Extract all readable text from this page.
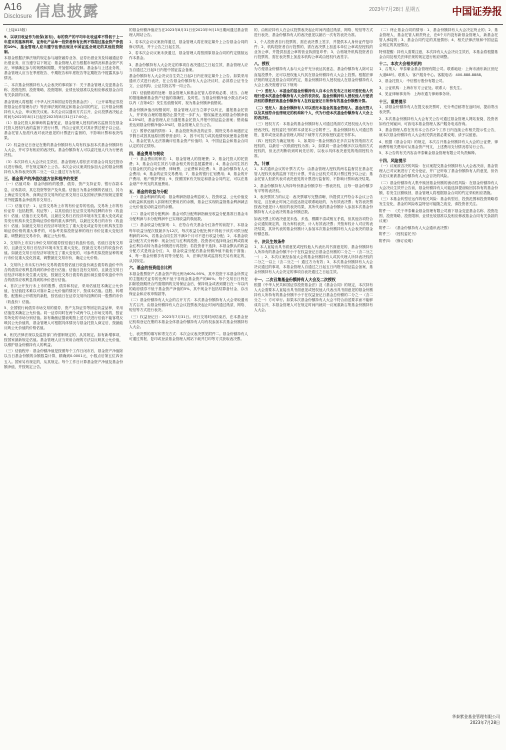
A16
Disclosure 信息披露	2023年7月28日 星期五	中国证券报

（上接A15版）

9、以项目收益作为担保(如有)，标的资产的平均年化收益率不得低于上一年度末的基准利率，证券化产品单一投资者持有比例不得超过基金资产净值的10%，基金管理人应当遵守法律法规及中国证监会规定的其他投资限制。

本基金根据法律法规的规定参与融资融券业务、证券出借业务及转融通证券出借业务，应当遵守以下规定：基金管理人应当根据市场情况和基金资产状况，审慎确定参与的规模和期限，并加强风险控制。基金参与上述业务的，基金管理人应当在季度报告、中期报告和年度报告等定期报告中披露其参与情况。

二、本次基金份额持有人大会表决的事项如下：关于基金管理人变更基金名称、投资范围、投资策略、投资限制、业绩比较基准以及相应修改基金合同有关条款的议案。

基金管理人将根据《中华人民共和国证券投资基金法》、《公开募集证券投资基金运作管理办法》等法律法规的规定和基金合同的约定，召开基金份额持有人大会，审议相关议案。本次会议以通讯方式召开，会议投票表决起止时间为2023年8月1日起至2023年8月31日17:00止。

（1）基金托管人和律师的监督见证，基金管理人授权的两名监督员在基金托管人授权代表的监督下进行计票，并由公证机关对其计票过程予以公证。基金托管人拒派代表对表决意见的计票进行监督的，不影响计票和表决结果。

（2）权益登记日登记在册的基金份额持有人均有权参加本次基金份额持有人大会，并可享有相应的表决权。基金份额持有人可以委托他人代为行使表决权。

（3）本次持有人大会决议生效后，基金管理人将依法对基金合同及托管协议进行修改，并在规定媒介上公告。本次会议议案须经参加大会的基金份额持有人所持表决权的二分之一以上通过方为有效。

三、基金资产的净值估值方法和程序的变更

（一）估值对象：基金所拥有的股票、债券、资产支持证券、银行存款本息、应收款项、其它投资等资产及负债。估值日为基金份额的估值日，其为上海证券交易所、深圳证券交易所的正常交易日以及国家法律法规规定需要对外披露基金净值的非交易日。

（二）估值方法：1、证券交易所上市的有价证券的估值。交易所上市的有价证券（包括股票、权证等），以其估值日在证券交易所挂牌的市价（收盘价）估值；估值日无交易的，且最近交易日后经济环境未发生重大变化或证券发行机构未发生影响证券价格的重大事件的，以最近交易日的市价（收盘价）估值；如最近交易日后经济环境发生了重大变化或证券发行机构发生影响证券价格的重大事件的，可参考类似投资品种的现行市价及重大变化因素，调整最近交易市价，确定公允价格。

2、交易所上市实行净价交易的债券按估值日收盘价估值，估值日没有交易的，且最近交易日后经济环境未发生重大变化，按最近交易日的收盘价估值。如最近交易日后经济环境发生了重大变化的，可参考类似投资品种的现行市价及重大变化因素，调整最近交易市价，确定公允价格。

3、交易所上市未实行净价交易的债券按估值日收盘价减去债券收盘价中所含的债券应收利息得到的净价进行估值；估值日没有交易的，且最近交易日后经济环境未发生重大变化，按最近交易日债券收盘价减去债券收盘价中所含的债券应收利息得到的净价进行估值。

4、首次公开发行未上市的股票、债券和权证，采用估值技术确定公允价值，在估值技术难以可靠计量公允价值的情况下，按成本估值。送股、转增股、配股和公开增发的新股，按估值日在证券交易所挂牌的同一股票的市价（收盘价）估值。

5、全国银行间债券市场交易的债券、资产支持证券等固定收益品种，采用估值技术确定公允价值。同一证券同时在两个或两个以上市场交易的，按证券所处的市场分别估值。如有确凿证据表明按上述方法进行估值不能客观反映其公允价值的，基金管理人可根据具体情况与基金托管人商定后，按最能反映公允价值的价格估值。

6、相关法律法规以及监管部门有强制规定的，从其规定。如有新增事项，按国家最新规定估值。基金管理人应当采用合理的方法以反映其公允价值，以维护基金份额持有人的利益。

（三）估值程序：基金份额净值是按照每个工作日闭市后，基金资产净值除以当日基金份额的余额数量计算，精确到0.0001元，小数点后第五位四舍五入。国家另有规定的，从其规定。每个工作日计算基金资产净值及基金份额净值，并按规定公告。

的基金份额净值应当在2023年8月31日至2023年9月15日期间通过基金管理人网站公告。

1、若本次会议议案获得通过，基金管理人将在规定媒介上公告基金合同的修订情况，并于公告之日起生效。

2、若本次会议议案未获通过，基金管理人将按照原基金合同的约定继续运作本基金。

3、基金份额持有人大会决定的事项自表决通过之日起生效，基金管理人应当自通过之日起5日内报中国证监会备案。

基金份额持有人大会决议自生效之日起2日内在规定媒介上公告。如果采用通讯方式进行表决，在公告基金份额持有人大会决议时，必须将公证书全文、公证机构、公证员姓名等一同公告。

（四）估值错误的处理：基金管理人和基金托管人将采取必要、适当、合理的措施确保基金资产估值的准确性、及时性。当基金份额净值小数点后4位以内（含第4位）发生估值错误时，视为基金份额净值错误。

基金份额净值出现错误时，基金管理人应当立即予以纠正，通报基金托管人，并采取合理的措施防止损失进一步扩大；错误偏差达到基金份额净值0.25%时，基金管理人应当通报基金托管人并报中国证监会备案；错误偏差达到基金份额净值0.5%时，基金管理人应当公告。

（五）暂停估值的情形：1、基金投资所涉及的证券、期货交易市场遇法定节假日或因其他原因暂停营业时；2、因不可抗力或其他情形致使基金管理人、基金托管人无法准确评估基金资产价值时；3、中国证监会和基金合同认定的其它情形。

四、基金费用与税收

（一）基金费用的种类：1、基金管理人的管理费；2、基金托管人的托管费；3、基金合同生效后与基金相关的信息披露费用；4、基金合同生效后与基金相关的会计师费、律师费、公证费和诉讼费；5、基金份额持有人大会费用；6、基金的证券交易费用；7、基金的银行汇划费用；8、基金的开户费用、账户维护费用；9、按照国家有关规定和基金合同约定，可以在基金财产中列支的其他费用。

五、基金的收益与分配

（一）基金利润的构成：基金利润指基金利息收入、投资收益、公允价值变动收益和其他收入扣除相关费用后的余额，基金已实现收益指基金利润减去公允价值变动收益后的余额。

（二）基金可供分配利润：基金可供分配利润指截至收益分配基准日基金未分配利润与未分配利润中已实现收益的孰低数。

（三）基金收益分配原则：1、在符合有关基金分红条件的前提下，本基金每年收益分配次数最多为12次，每次收益分配比例不得低于该次可供分配利润的10%，若基金合同生效不满3个月可不进行收益分配；2、本基金收益分配方式分两种：现金分红与红利再投资，投资者可选择现金红利或将现金红利自动转为基金份额进行再投资；若投资者不选择，本基金默认的收益分配方式是现金分红；3、基金收益分配后基金份额净值不能低于面值；4、每一基金份额享有同等分配权；5、法律法规或监管机关另有规定的，从其规定。

六、基金的投资组合比例

本基金股票资产占基金资产的比例为60%-95%，其中投资于本基金所界定的主题相关证券的比例不低于非现金基金资产的80%；每个交易日日终在扣除股指期货合约需缴纳的交易保证金后，保持现金或者到期日在一年以内的政府债券不低于基金资产净值的5%，其中现金不包括结算备付金、存出保证金和应收申购款等。

（二）基金份额持有人大会的召开方式：本次基金份额持有人大会采取通讯方式召开，由基金份额持有人在会议投票表决起止时间内通过纸质、网络、短信等方式进行表决。

（三）权益登记日：2023年7月31日。该日交易时间结束后，在本基金登记机构登记在册的本基金全体基金份额持有人均有权参加本次基金份额持有人大会。

七、表决票的填写和寄交方式：本次会议表决票见附件二。基金份额持有人可通过剪报、复印或登录基金管理人网站下载并打印等方式获取表决票。

的，由相应持有人在会议投票表决起止时间内通过纸质、网络、短信等方式进行表决，基金份额持有人的表决意见以最后一次有效表决为准。

1、个人投资者自行投票的，需在表决票上签字，并提供本人身份证件复印件；2、机构投资者自行投票的，需在表决票上加盖本单位公章或经授权的业务公章，并提供加盖公章的营业执照复印件；3、合格境外机构投资者自行投票的，需在表决票上加盖本机构公章或由授权代表签字。

八、授权

为方便基金份额持有人参与大会并充分表达其意志，基金份额持有人除可以直接投票外，还可以授权他人代其在基金份额持有人大会上投票。根据法律法规的规定及基金合同的约定，基金份额持有人授权他人在基金份额持有人大会上表决需遵守以下规则：

（一）委托人：本基金的基金份额持有人自本公告发布之日起可委托他人代理行使本次基金份额持有人大会的表决权。基金份额持有人授权他人行使表决权的票数按该基金份额持有人在权益登记日所持有的基金份额数计算。

（二）受托人：基金份额持有人可以委托本基金的基金管理人、基金托管人以及其他符合法律规定的机构和个人，代为行使本次基金份额持有人大会上的表决权。

（三）授权方式：本基金的基金份额持有人可通过纸面方式授权他人代为行使表决权。授权委托书的样本请见本公告附件三。基金份额持有人可通过剪报、复印或登录基金管理人网站下载等方式获取授权委托书样本。

（四）授权效力确定规则：1、如果同一基金份额存在多次以有效纸面方式授权的，以最后一次纸面授权为准；2、如果同一基金份额多次以纸面方式授权的，但无法判断收到时间先后的，以表示具体表决意见的纸面授权为准。

九、计票

1、本次通讯会议的计票方式为：由基金管理人授权的两名监督员在基金托管人授权代表的监督下进行计票，并由公证机关对其计票过程予以公证；基金托管人拒派代表对表决意见的计票进行监督的，不影响计票和表决结果。

2、基金份额持有人所持每份基金份额享有一票表决权，且每一基金份额享有平等的表决权。

3、表决票效力的认定：表决票填写完整清晰，所提供文件符合本会议公告规定，且在截止时间之前送达指定联系地址的，为有效表决票；有效表决票按表决意见计入相应的表决结果，其所代表的基金份额计入参加本次基金份额持有人大会表决的基金份额总数。

如表决票上的表决意见未选、多选、模糊不清或相互矛盾，但其他各项符合会议通知规定的，视为弃权表决，计入有效表决票；并按弃权计入对应的表决结果，其所代表的基金份额计入参加本次基金份额持有人大会表决的基金份额总数。

十、决议生效条件

1、本人直接出具书面意见或授权他人代表出具书面意见的，基金份额持有人所持有的基金份额不小于在权益登记日基金总份额的二分之一（含二分之一）；2、本次议案经参加大会的基金份额持有人或其代理人所持表决权的二分之一以上（含二分之一）通过方为有效；3、本次基金份额持有人大会决议通过的事项，本基金管理人自通过之日起五日内报中国证监会备案，基金份额持有人大会决定的事项自表决通过之日起生效。

十一、二次召集基金份额持有人大会及二次授权

根据《中华人民共和国证券投资基金法》及《基金合同》的规定，本次持有人大会需要本人直接出具书面意见或授权他人代表出具书面意见的基金份额持有人所持有的基金份额不小于在权益登记日基金总份额的二分之一（含二分之一）方可举行。如果本次基金份额持有人大会不符合前述要求而不能够成功召开，本基金管理人可在规定时间内就同一议案重新召集基金份额持有人大会。

（二）终止基金合同的情形：1、基金份额持有人大会决定终止的；2、基金管理人、基金托管人职责终止，在6个月内没有新基金管理人、新基金托管人承接的；3、基金合同约定的其他情形；4、相关法律法规和中国证监会规定的其他情况。

特别提醒：持有人需要注意，本次持有人大会决议生效后，本基金将根据基金合同及相关法律法规的规定进行相应调整。

十二、本次大会相关机构

1、召集人：华泰紫金基金管理有限公司。联系地址：上海市浦东新区世纪大道88号。联系人：客户服务中心。客服电话：400-888-8888。

2、基金托管人：中信银行股份有限公司。

3、公证机构：上海市东方公证处。联系人：张先生。

4、见证律师事务所：上海市通力律师事务所。

十三、重要提示

1、请基金份额持有人在提交表决票时，充分考虑邮寄在途时间，提前寄出表决票。

2、本次基金份额持有人大会有关公告可通过基金管理人网站查阅，投资者如有任何疑问，可致电本基金管理人客户服务电话咨询。

3、基金管理人将在发布本公告后2个工作日内连续公布相关提示性公告，就本次基金份额持有人大会相关情况做必要说明，请予以留意。

4、根据《基金合同》的规定，本次召开基金份额持有人大会的公证费、律师费等相关费用可从基金资产列支，上述费用支付情况将另行公告。

5、本公告的有关内容由华泰紫金基金管理有限公司负责解释。

十四、风险提示

（一）议案被否决的风险：在议案提交基金份额持有人大会表决前，基金管理人已对议案进行了充分论证，并广泛听取了基金份额持有人的意见，但仍存在议案被基金份额持有人大会否决的风险。

（二）基金份额持有人集中赎回基金份额的流动性风险：在基金份额持有人大会决议生效并公告前，基金份额持有人可能选择提前赎回其持有的基金份额，若发生巨额赎回，基金管理人将根据基金合同的约定采取相应措施。

（三）本基金转型后运作的相关风险：基金转型后，投资范围和投资策略将发生变化，基金的风险收益特征可能随之改变，请投资者关注。

附件一：《关于华泰紫金基金管理有限公司旗下基金变更基金名称、投资范围、投资策略、投资限制、业绩比较基准以及相应修改基金合同有关条款的议案》

附件二：《基金份额持有人大会通讯表决票》

附件三：《授权委托书》

附件四：《修订说明》

华泰紫金基金管理有限公司
2023年7月28日
